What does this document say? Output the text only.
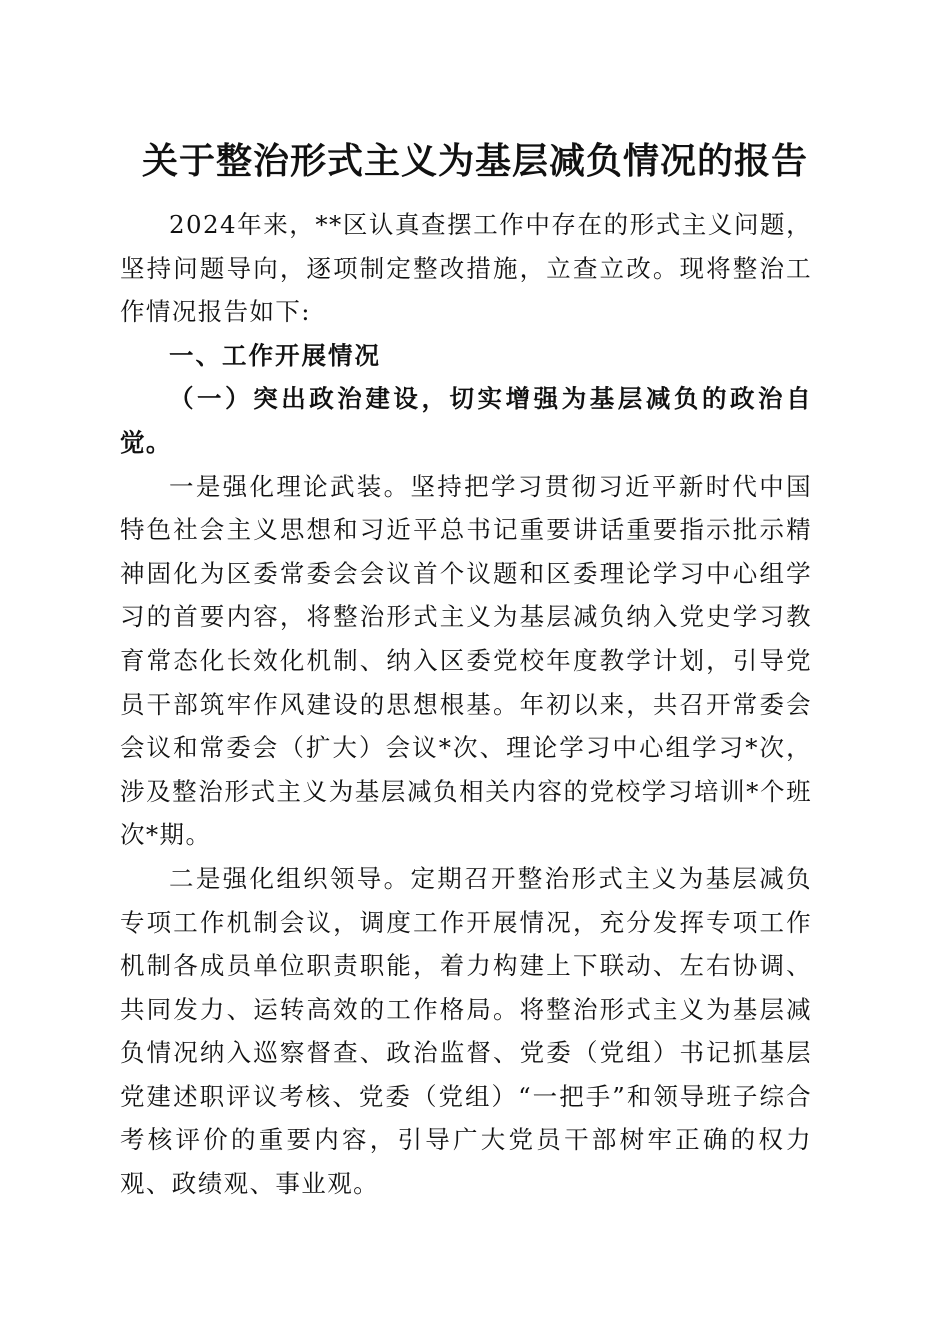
关于整治形式主义为基层减负情况的报告

2024年来，**区认真查摆工作中存在的形式主义问题，坚持问题导向，逐项制定整改措施，立查立改。现将整治工作情况报告如下:

一、工作开展情况

（一）突出政治建设，切实增强为基层减负的政治自觉。

一是强化理论武装。坚持把学习贯彻习近平新时代中国特色社会主义思想和习近平总书记重要讲话重要指示批示精神固化为区委常委会会议首个议题和区委理论学习中心组学习的首要内容，将整治形式主义为基层减负纳入党史学习教育常态化长效化机制、纳入区委党校年度教学计划，引导党员干部筑牢作风建设的思想根基。年初以来，共召开常委会会议和常委会（扩大）会议*次、理论学习中心组学习*次，涉及整治形式主义为基层减负相关内容的党校学习培训*个班次*期。

二是强化组织领导。定期召开整治形式主义为基层减负专项工作机制会议，调度工作开展情况，充分发挥专项工作机制各成员单位职责职能，着力构建上下联动、左右协调、共同发力、运转高效的工作格局。将整治形式主义为基层减负情况纳入巡察督查、政治监督、党委（党组）书记抓基层党建述职评议考核、党委（党组）“一把手”和领导班子综合考核评价的重要内容，引导广大党员干部树牢正确的权力观、政绩观、事业观。
